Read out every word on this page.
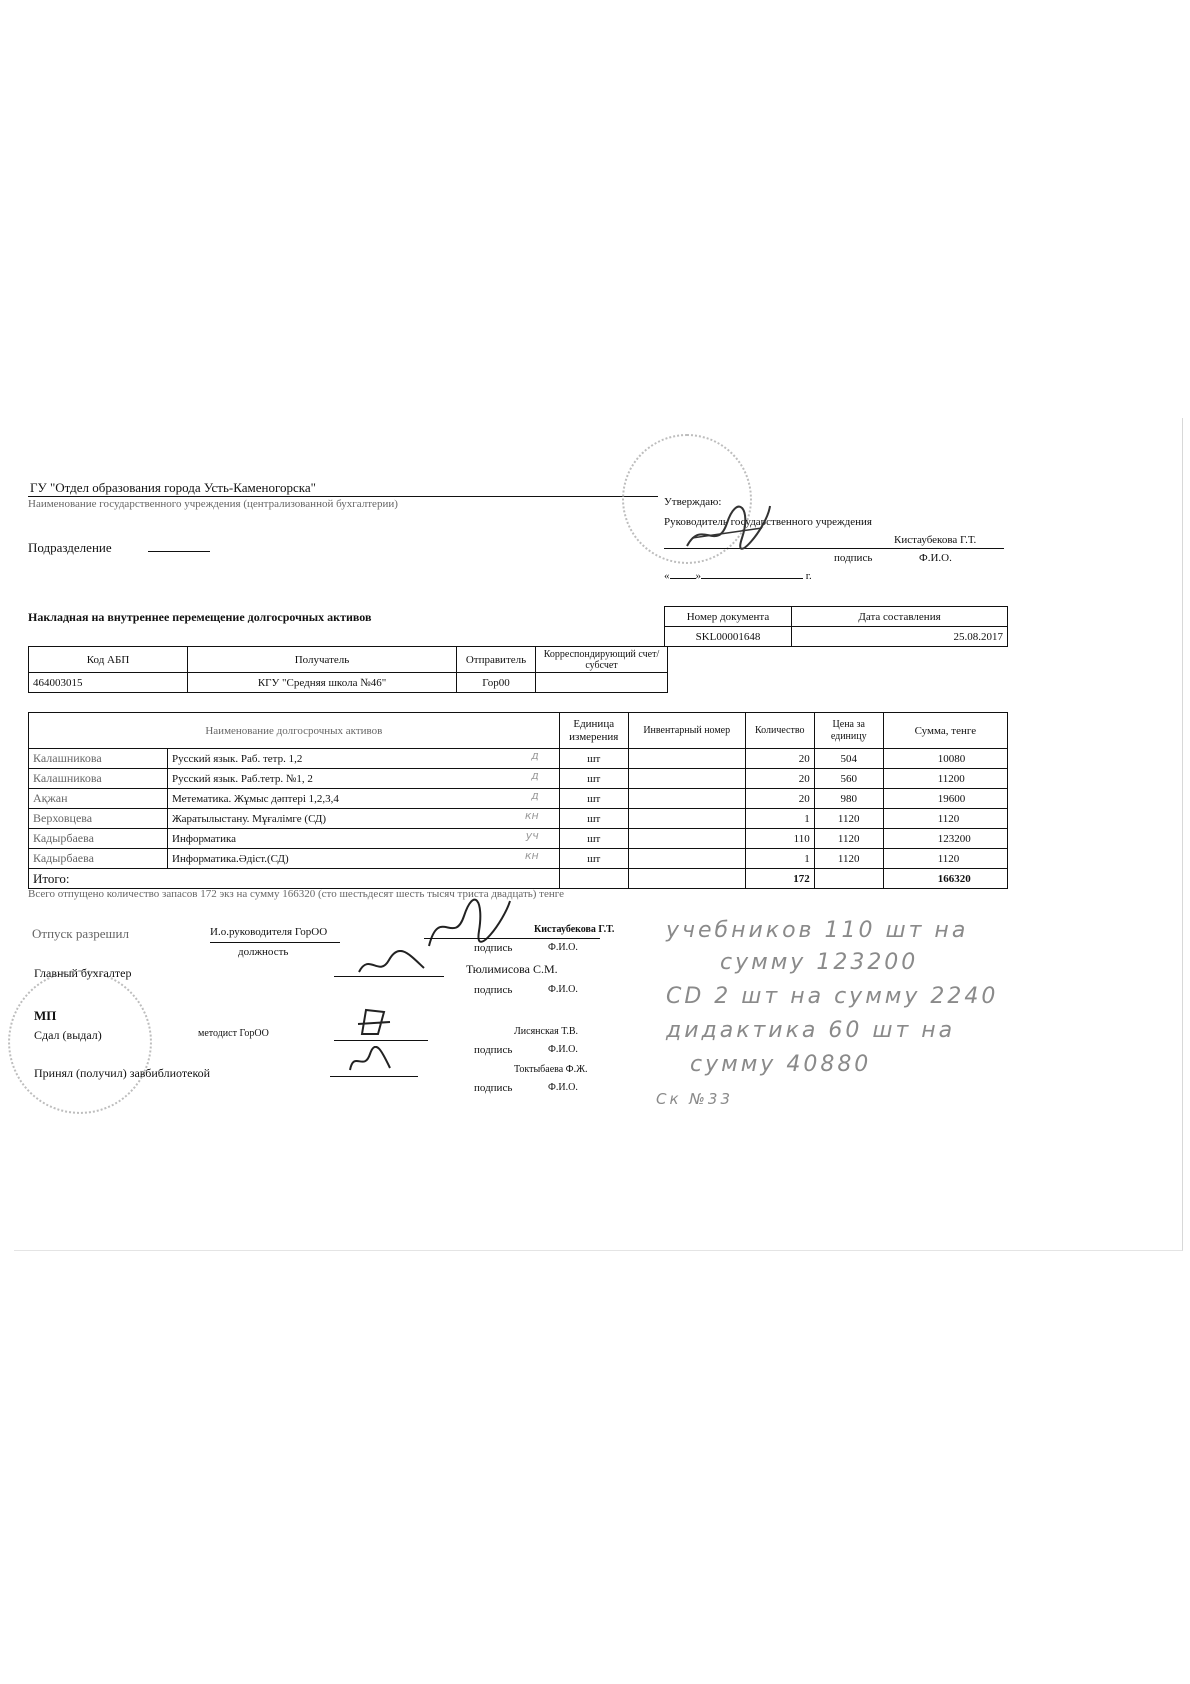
ГУ "Отдел образования города Усть-Каменогорска"
Наименование государственного учреждения (централизованной бухгалтерии)
Подразделение
Утверждаю:
Руководитель государственного учреждения
Кистаубекова Г.Т.
подпись	Ф.И.О.
« »	г.
Накладная на внутреннее перемещение долгосрочных активов	Номер документа	Дата составления
SKL00001648	25.08.2017
Код АБП	Получатель	Отправитель	Корреспондирующий счет/субсчет
464003015	КГУ "Средняя школа №46"	Гор00	
Наименование долгосрочных активов		Единица измерения	Инвентарный номер	Количество	Цена за единицу	Сумма, тенге
Калашникова	Русский язык. Раб. тетр. 1,2 д	шт		20	504	10080
Калашникова	Русский язык. Раб.тетр. №1, 2 д	шт		20	560	11200
Ақжан	Метематика. Жұмыс дәптері 1,2,3,4 д	шт		20	980	19600
Верховцева	Жаратылыстану. Мұғалімге (СД) кн	шт		1	1120	1120
Кадырбаева	Информатика уч	шт		110	1120	123200
Кадырбаева	Информатика.Әдіст.(СД) кн	шт		1	1120	1120
Итого:				172		166320
Всего отпущено количество запасов 172 экз на сумму 166320 (сто шестьдесят шесть тысяч триста двадцать) тенге
Отпуск разрешил	И.о.руководителя ГорОО
должность
Кистаубекова Г.Т.
подпись	Ф.И.О.
Главный бухгалтер	Тюлимисова С.М.
подпись	Ф.И.О.
МП
Сдал (выдал)	методист ГорОО	Лисянская Т.В.
подпись	Ф.И.О.
Принял (получил) завбиблиотекой	Токтыбаева Ф.Ж.
подпись	Ф.И.О.
учебников 110 шт на
сумму 123200
CD 2 шт на сумму 2240
дидактика 60 шт на
сумму 40880
Ск №33
